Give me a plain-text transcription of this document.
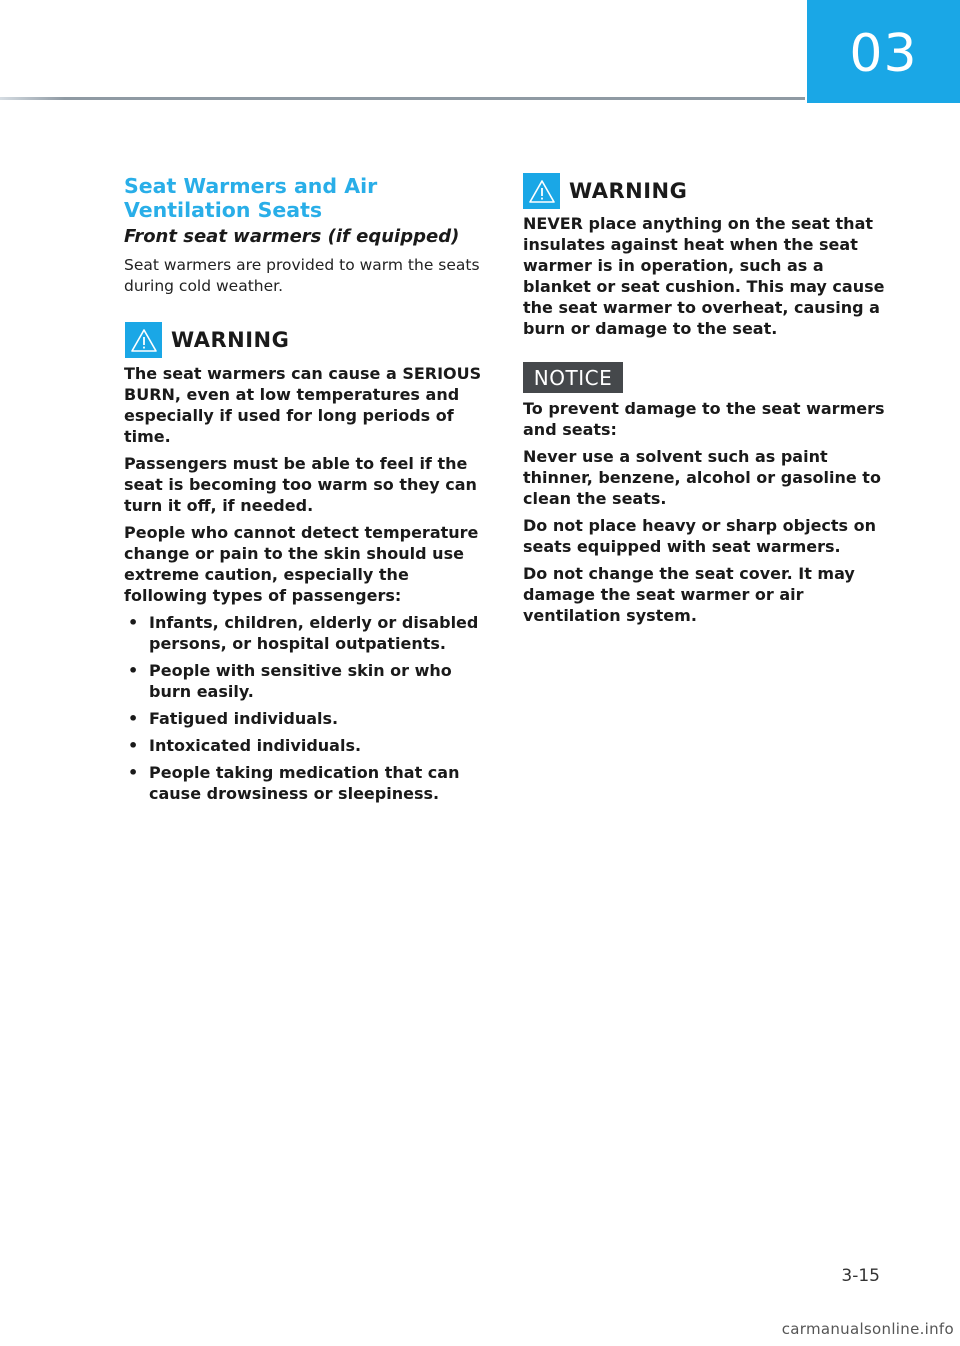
03
Seat Warmers and Air Ventilation Seats
Front seat warmers (if equipped)

Seat warmers are provided to warm the seats during cold weather.

WARNING

The seat warmers can cause a SERIOUS BURN, even at low temperatures and especially if used for long periods of time.

Passengers must be able to feel if the seat is becoming too warm so they can turn it off, if needed.

People who cannot detect temperature change or pain to the skin should use extreme caution, especially the following types of passengers:

• Infants, children, elderly or disabled persons, or hospital outpatients.
• People with sensitive skin or who burn easily.
• Fatigued individuals.
• Intoxicated individuals.
• People taking medication that can cause drowsiness or sleepiness.
WARNING

NEVER place anything on the seat that insulates against heat when the seat warmer is in operation, such as a blanket or seat cushion. This may cause the seat warmer to overheat, causing a burn or damage to the seat.

NOTICE

To prevent damage to the seat warmers and seats:

Never use a solvent such as paint thinner, benzene, alcohol or gasoline to clean the seats.

Do not place heavy or sharp objects on seats equipped with seat warmers.

Do not change the seat cover. It may damage the seat warmer or air ventilation system.

3-15
carmanualsonline.info
